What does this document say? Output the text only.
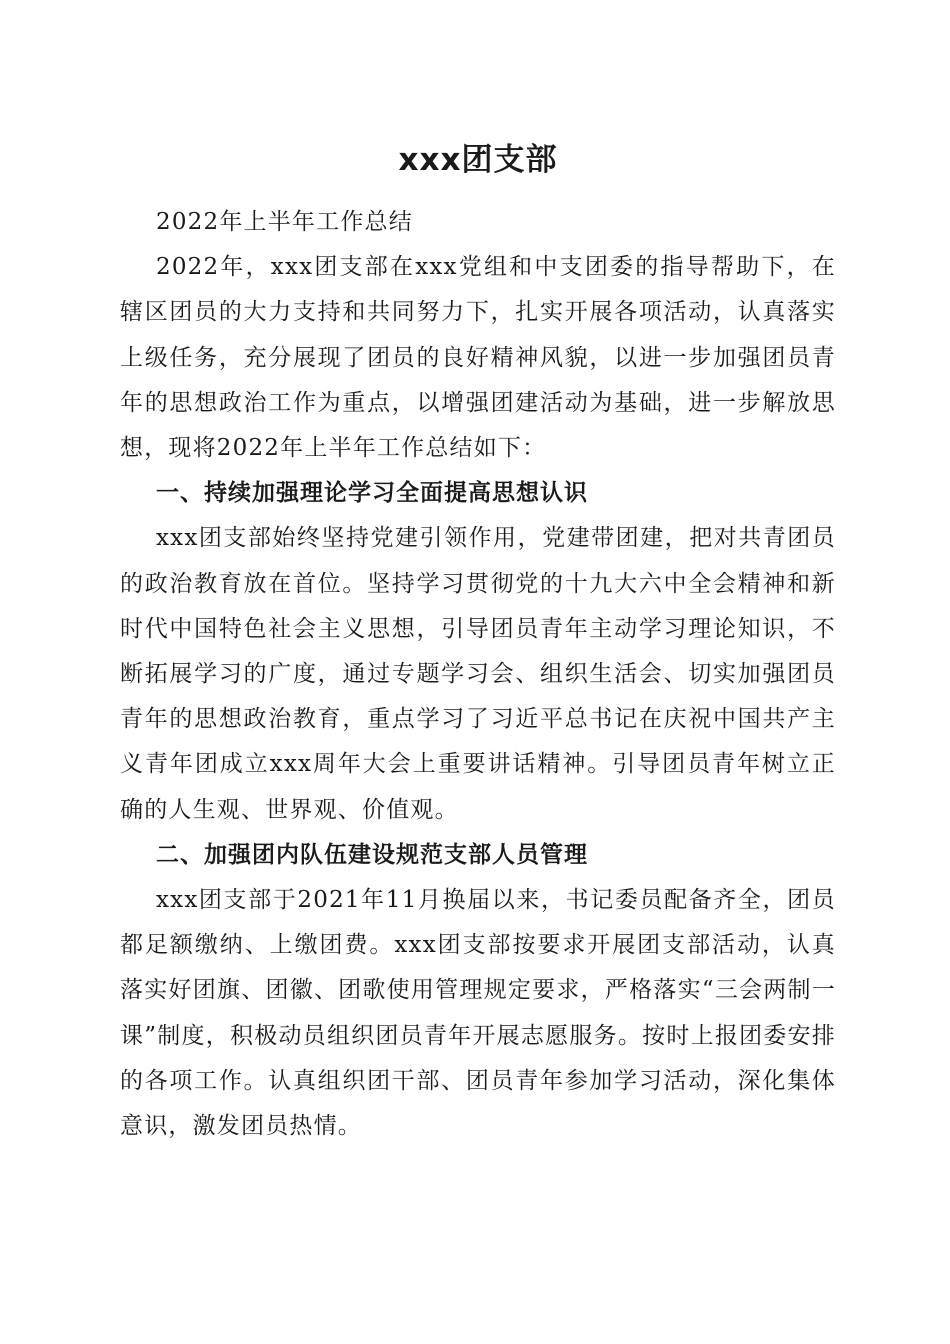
xxx团支部

2022年上半年工作总结

2022年，xxx团支部在xxx党组和中支团委的指导帮助下，在辖区团员的大力支持和共同努力下，扎实开展各项活动，认真落实上级任务，充分展现了团员的良好精神风貌，以进一步加强团员青年的思想政治工作为重点，以增强团建活动为基础，进一步解放思想，现将2022年上半年工作总结如下：

一、持续加强理论学习全面提高思想认识

xxx团支部始终坚持党建引领作用，党建带团建，把对共青团员的政治教育放在首位。坚持学习贯彻党的十九大六中全会精神和新时代中国特色社会主义思想，引导团员青年主动学习理论知识，不断拓展学习的广度，通过专题学习会、组织生活会、切实加强团员青年的思想政治教育，重点学习了习近平总书记在庆祝中国共产主义青年团成立xxx周年大会上重要讲话精神。引导团员青年树立正确的人生观、世界观、价值观。

二、加强团内队伍建设规范支部人员管理

xxx团支部于2021年11月换届以来，书记委员配备齐全，团员都足额缴纳、上缴团费。xxx团支部按要求开展团支部活动，认真落实好团旗、团徽、团歌使用管理规定要求，严格落实“三会两制一课”制度，积极动员组织团员青年开展志愿服务。按时上报团委安排的各项工作。认真组织团干部、团员青年参加学习活动，深化集体意识，激发团员热情。
